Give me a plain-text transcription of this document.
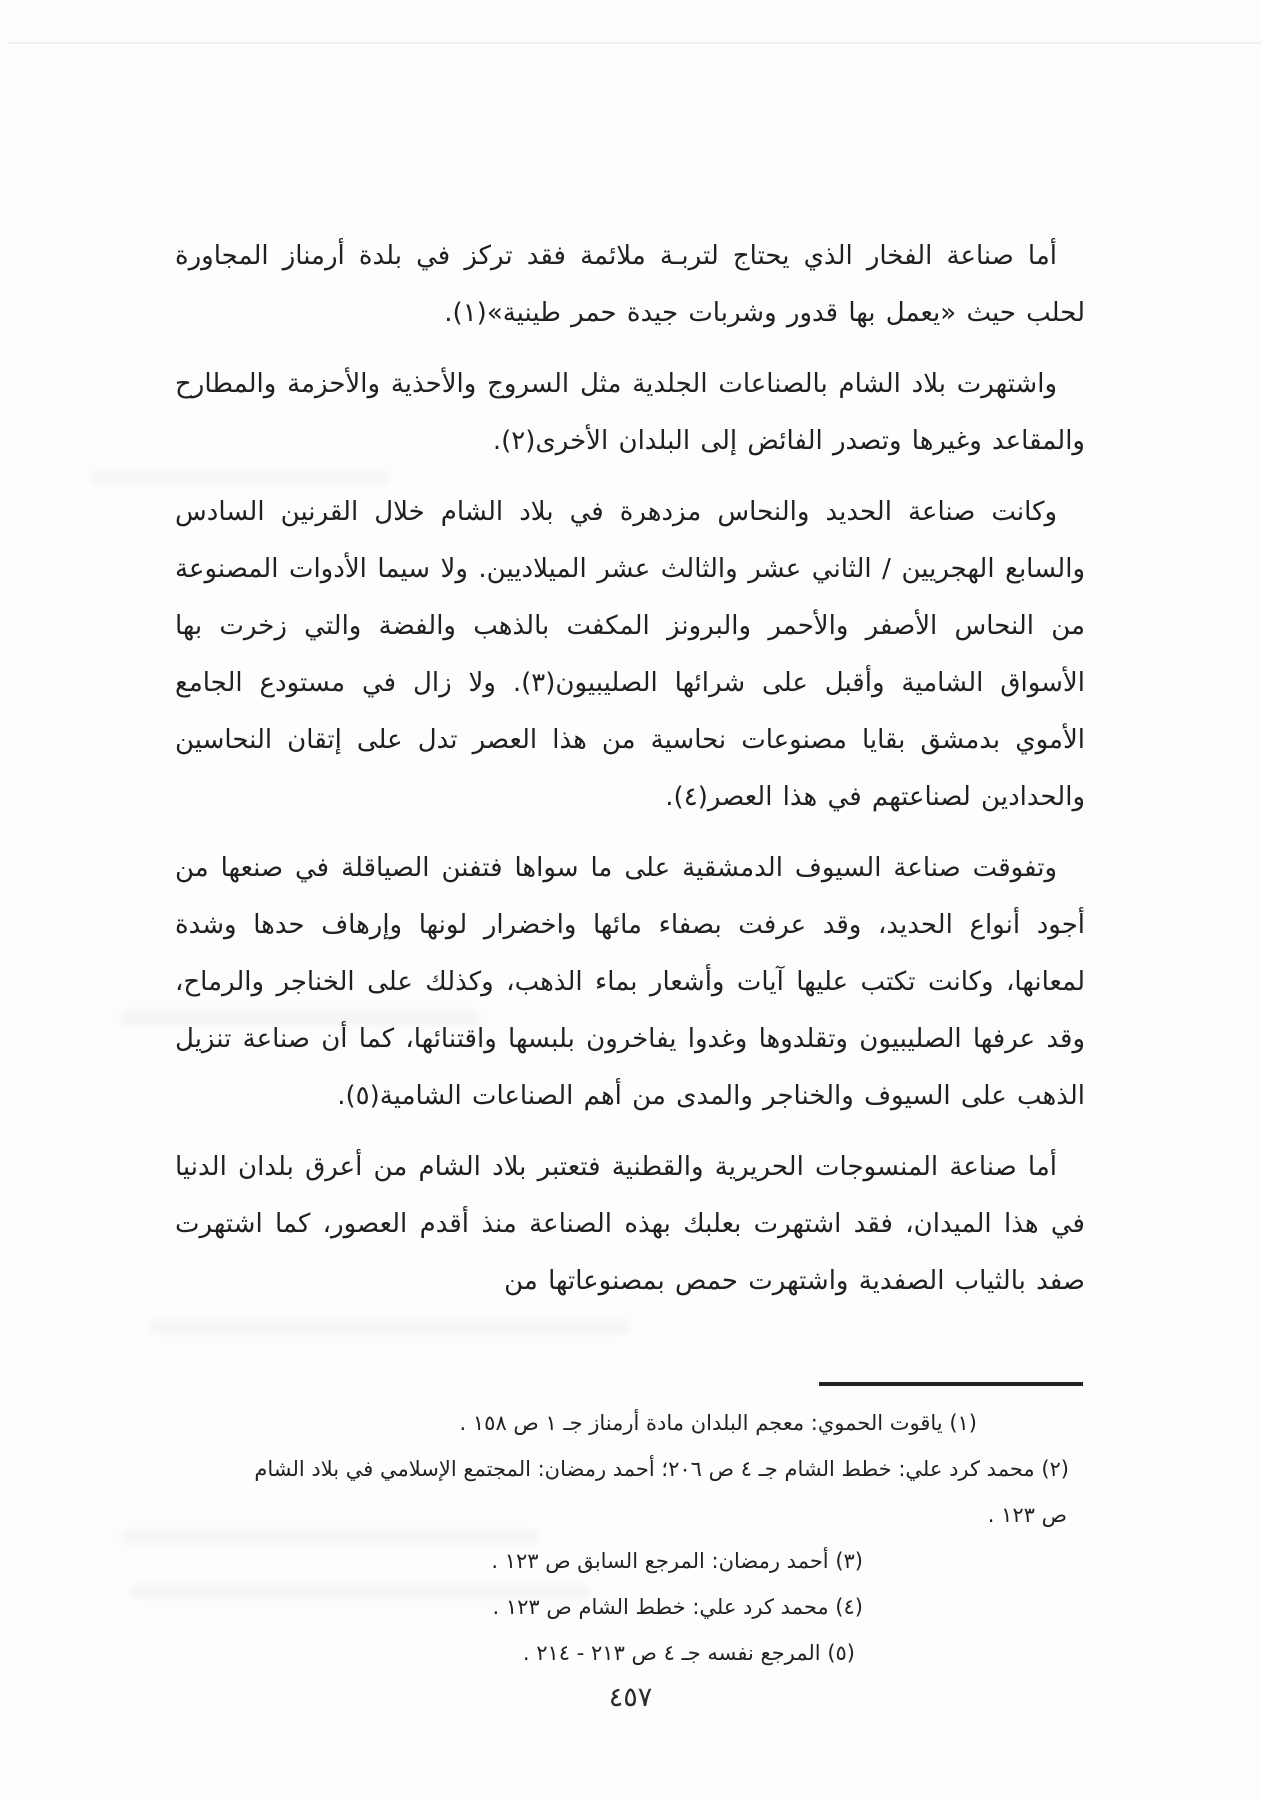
أما صناعة الفخار الذي يحتاج لتربـة ملائمة فقد تركز في بلدة أرمناز المجاورة لحلب حيث «يعمل بها قدور وشربات جيدة حمر طينية»(١).

واشتهرت بلاد الشام بالصناعات الجلدية مثل السروج والأحذية والأحزمة والمطارح والمقاعد وغيرها وتصدر الفائض إلى البلدان الأخرى(٢).

وكانت صناعة الحديد والنحاس مزدهرة في بلاد الشام خلال القرنين السادس والسابع الهجريين / الثاني عشر والثالث عشر الميلاديين. ولا سيما الأدوات المصنوعة من النحاس الأصفر والأحمر والبرونز المكفت بالذهب والفضة والتي زخرت بها الأسواق الشامية وأقبل على شرائها الصليبيون(٣). ولا زال في مستودع الجامع الأموي بدمشق بقايا مصنوعات نحاسية من هذا العصر تدل على إتقان النحاسين والحدادين لصناعتهم في هذا العصر(٤).

وتفوقت صناعة السيوف الدمشقية على ما سواها فتفنن الصياقلة في صنعها من أجود أنواع الحديد، وقد عرفت بصفاء مائها واخضرار لونها وإرهاف حدها وشدة لمعانها، وكانت تكتب عليها آيات وأشعار بماء الذهب، وكذلك على الخناجر والرماح، وقد عرفها الصليبيون وتقلدوها وغدوا يفاخرون بلبسها واقتنائها، كما أن صناعة تنزيل الذهب على السيوف والخناجر والمدى من أهم الصناعات الشامية(٥).

أما صناعة المنسوجات الحريرية والقطنية فتعتبر بلاد الشام من أعرق بلدان الدنيا في هذا الميدان، فقد اشتهرت بعلبك بهذه الصناعة منذ أقدم العصور، كما اشتهرت صفد بالثياب الصفدية واشتهرت حمص بمصنوعاتها من

(١) ياقوت الحموي: معجم البلدان مادة أرمناز جـ ١ ص ١٥٨ .
(٢) محمد كرد علي: خطط الشام جـ ٤ ص ٢٠٦؛ أحمد رمضان: المجتمع الإسلامي في بلاد الشام
ص ١٢٣ .
(٣) أحمد رمضان: المرجع السابق ص ١٢٣ .
(٤) محمد كرد علي: خطط الشام ص ١٢٣ .
(٥) المرجع نفسه جـ ٤ ص ٢١٣ - ٢١٤ .
٤٥٧
